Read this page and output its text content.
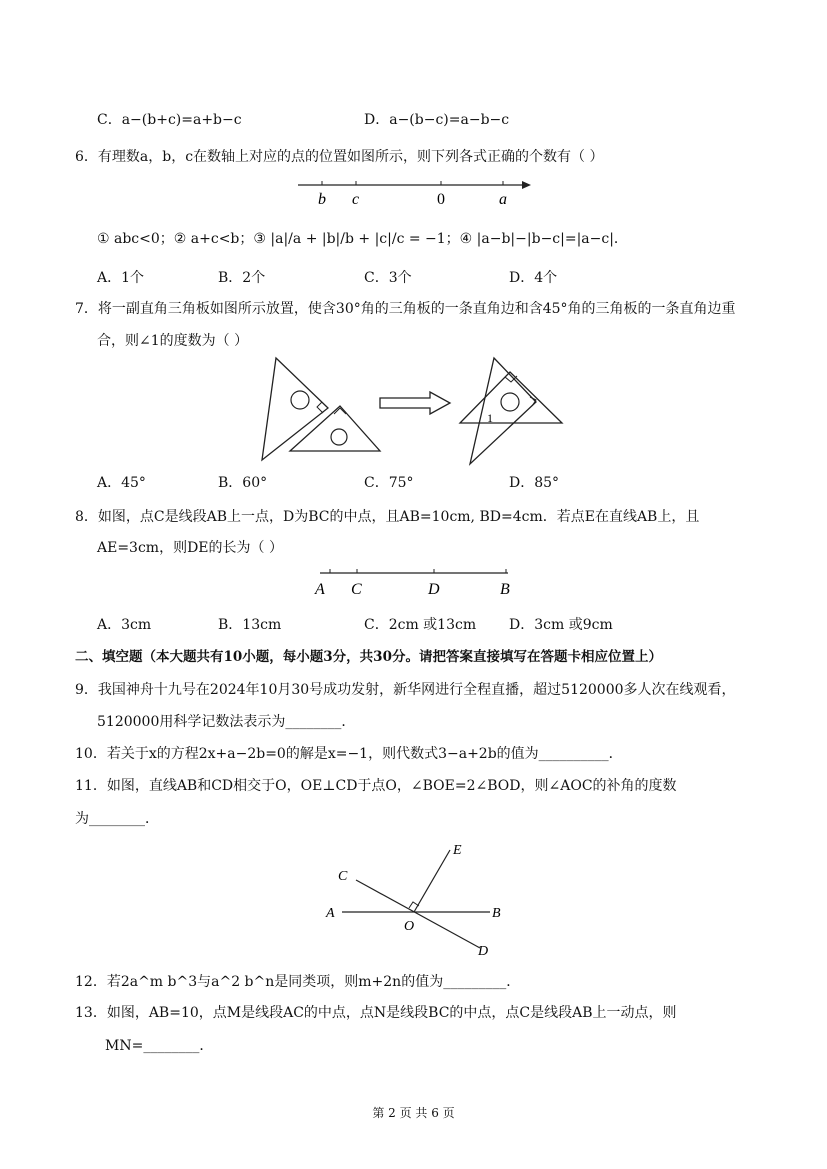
C．a−(b+c)=a+b−c	D．a−(b−c)=a−b−c
6．有理数a，b，c在数轴上对应的点的位置如图所示，则下列各式正确的个数有（ ）
b c	0	a
① abc<0；② a+c<b；③ |a|/a + |b|/b + |c|/c = −1；④ |a−b|−|b−c|=|a−c|．
A．1个	B．2个	C．3个	D．4个
7．将一副直角三角板如图所示放置，使含30°角的三角板的一条直角边和含45°角的三角板的一条直角边重
合，则∠1的度数为（ ）
1
A．45°	B．60°	C．75°	D．85°
8．如图，点C是线段AB上一点，D为BC的中点，且AB=10cm, BD=4cm．若点E在直线AB上，且
AE=3cm，则DE的长为（ ）
A C	D	B
A．3cm	B．13cm	C．2cm 或13cm D．3cm 或9cm
二、填空题（本大题共有10小题，每小题3分，共30分。请把答案直接填写在答题卡相应位置上）
9．我国神舟十九号在2024年10月30号成功发射，新华网进行全程直播，超过5120000多人次在线观看，
5120000用科学记数法表示为________．
10．若关于x的方程2x+a−2b=0的解是x=−1，则代数式3−a+2b的值为__________．
11．如图，直线AB和CD相交于O，OE⊥CD于点O，∠BOE=2∠BOD，则∠AOC的补角的度数
为________．
C
E
A	B
O
D
12．若2a^m b^3与a^2 b^n是同类项，则m+2n的值为_________．
13．如图，AB=10，点M是线段AC的中点，点N是线段BC的中点，点C是线段AB上一动点，则
MN=________．
第 2 页 共 6 页
